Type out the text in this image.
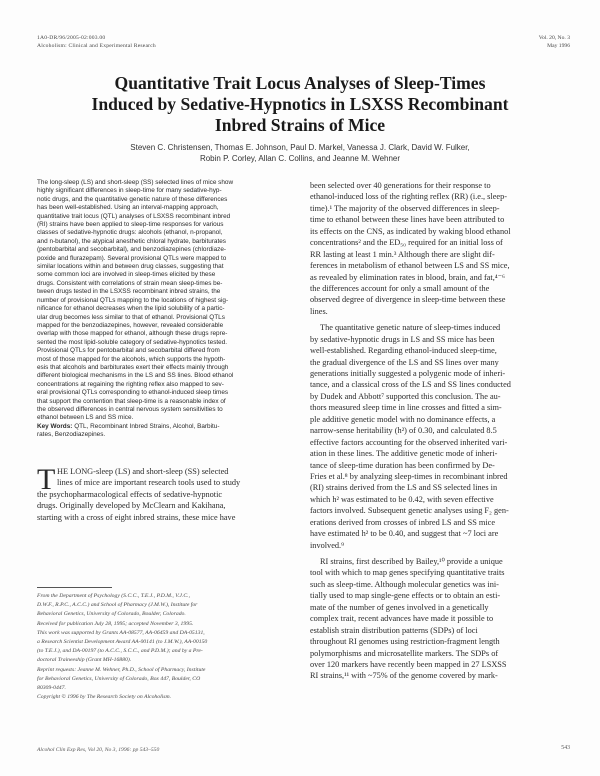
1A0-DR/96/2005-02:003.00
Alcoholism: Clinical and Experimental Research
Vol. 20, No. 3
May 1996
Quantitative Trait Locus Analyses of Sleep-Times
Induced by Sedative-Hypnotics in LSXSS Recombinant
Inbred Strains of Mice
Steven C. Christensen, Thomas E. Johnson, Paul D. Markel, Vanessa J. Clark, David W. Fulker,
Robin P. Corley, Allan C. Collins, and Jeanne M. Wehner
The long-sleep (LS) and short-sleep (SS) selected lines of mice show
highly significant differences in sleep-time for many sedative-hyp-
notic drugs, and the quantitative genetic nature of these differences
has been well-established. Using an interval-mapping approach,
quantitative trait locus (QTL) analyses of LSXSS recombinant inbred
(RI) strains have been applied to sleep-time responses for various
classes of sedative-hypnotic drugs: alcohols (ethanol, n-propanol,
and n-butanol), the atypical anesthetic chloral hydrate, barbiturates
(pentobarbital and secobarbital), and benzodiazepines (chlordiaze-
poxide and flurazepam). Several provisional QTLs were mapped to
similar locations within and between drug classes, suggesting that
some common loci are involved in sleep-times elicited by these
drugs. Consistent with correlations of strain mean sleep-times be-
tween drugs tested in the LSXSS recombinant inbred strains, the
number of provisional QTLs mapping to the locations of highest sig-
nificance for ethanol decreases when the lipid solubility of a partic-
ular drug becomes less similar to that of ethanol. Provisional QTLs
mapped for the benzodiazepines, however, revealed considerable
overlap with those mapped for ethanol, although these drugs repre-
sented the most lipid-soluble category of sedative-hypnotics tested.
Provisional QTLs for pentobarbital and secobarbital differed from
most of those mapped for the alcohols, which supports the hypoth-
esis that alcohols and barbiturates exert their effects mainly through
different biological mechanisms in the LS and SS lines. Blood ethanol
concentrations at regaining the righting reflex also mapped to sev-
eral provisional QTLs corresponding to ethanol-induced sleep times
that support the contention that sleep-time is a reasonable index of
the observed differences in central nervous system sensitivities to
ethanol between LS and SS mice.
Key Words: QTL, Recombinant Inbred Strains, Alcohol, Barbitu-
rates, Benzodiazepines.
T HE LONG-sleep (LS) and short-sleep (SS) selected
lines of mice are important research tools used to study
the psychopharmacological effects of sedative-hypnotic
drugs. Originally developed by McClearn and Kakihana,
starting with a cross of eight inbred strains, these mice have
From the Department of Psychology (S.C.C., T.E.J., P.D.M., V.J.C.,
D.W.F., R.P.C., A.C.C.) and School of Pharmacy (J.M.W.), Institute for
Behavioral Genetics, University of Colorado, Boulder, Colorado.
Received for publication July 28, 1995; accepted November 3, 1995.
This work was supported by Grants AA-08577, AA-06459 and DA-05131,
a Research Scientist Development Award AA-00141 (to J.M.W.), AA-00150
(to T.E.J.), and DA-00197 (to A.C.C., S.C.C., and P.D.M.); and by a Pre-
doctoral Traineeship (Grant MH-16880).
Reprint requests: Jeanne M. Wehner, Ph.D., School of Pharmacy, Institute
for Behavioral Genetics, University of Colorado, Box 447, Boulder, CO
80309-0447.
Copyright © 1996 by The Research Society on Alcoholism.
been selected over 40 generations for their response to
ethanol-induced loss of the righting reflex (RR) (i.e., sleep-
time).¹ The majority of the observed differences in sleep-
time to ethanol between these lines have been attributed to
its effects on the CNS, as indicated by waking blood ethanol
concentrations² and the ED₅₀ required for an initial loss of
RR lasting at least 1 min.³ Although there are slight dif-
ferences in metabolism of ethanol between LS and SS mice,
as revealed by elimination rates in blood, brain, and fat,⁴⁻⁶
the differences account for only a small amount of the
observed degree of divergence in sleep-time between these
lines.
The quantitative genetic nature of sleep-times induced
by sedative-hypnotic drugs in LS and SS mice has been
well-established. Regarding ethanol-induced sleep-time,
the gradual divergence of the LS and SS lines over many
generations initially suggested a polygenic mode of inheri-
tance, and a classical cross of the LS and SS lines conducted
by Dudek and Abbott⁷ supported this conclusion. The au-
thors measured sleep time in line crosses and fitted a sim-
ple additive genetic model with no dominance effects, a
narrow-sense heritability (h²) of 0.30, and calculated 8.5
effective factors accounting for the observed inherited vari-
ation in these lines. The additive genetic mode of inheri-
tance of sleep-time duration has been confirmed by De-
Fries et al.⁸ by analyzing sleep-times in recombinant inbred
(RI) strains derived from the LS and SS selected lines in
which h² was estimated to be 0.42, with seven effective
factors involved. Subsequent genetic analyses using F₂ gen-
erations derived from crosses of inbred LS and SS mice
have estimated h² to be 0.40, and suggest that ~7 loci are
involved.⁹
RI strains, first described by Bailey,¹⁰ provide a unique
tool with which to map genes specifying quantitative traits
such as sleep-time. Although molecular genetics was ini-
tially used to map single-gene effects or to obtain an esti-
mate of the number of genes involved in a genetically
complex trait, recent advances have made it possible to
establish strain distribution patterns (SDPs) of loci
throughout RI genomes using restriction-fragment length
polymorphisms and microsatellite markers. The SDPs of
over 120 markers have recently been mapped in 27 LSXSS
RI strains,¹¹ with ~75% of the genome covered by mark-
Alcohol Clin Exp Res, Vol 20, No 3, 1996: pp 543–550	543
